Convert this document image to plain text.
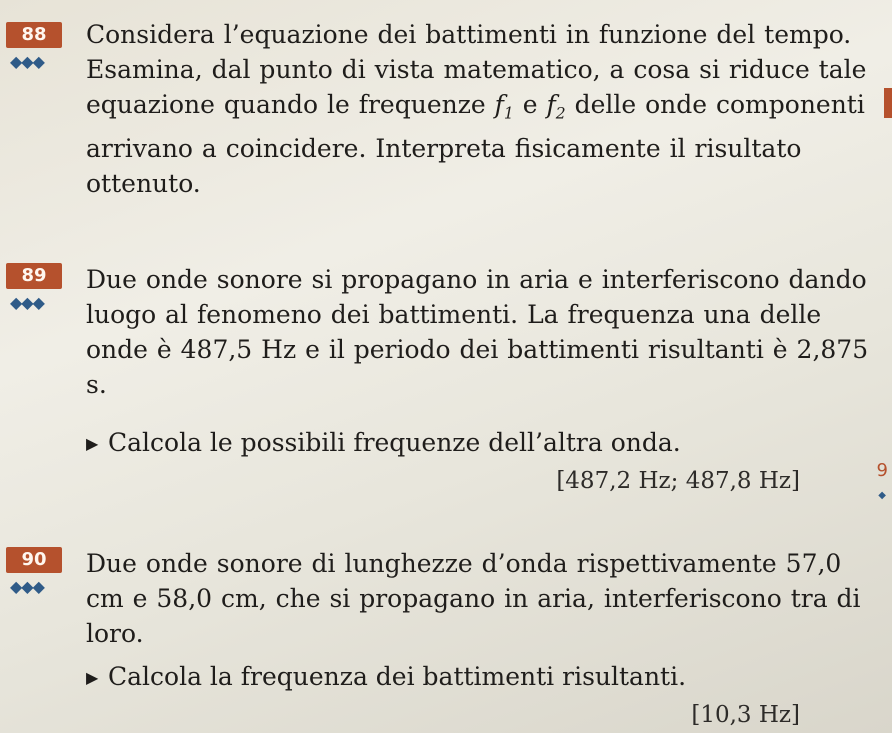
88
◆◆◆

Considera l’equazione dei battimenti in funzione del tempo. Esamina, dal punto di vista matematico, a cosa si riduce tale equazione quando le frequenze $f_1$ e $f_2$ delle onde componenti arrivano a coincidere. Interpreta fisicamente il risultato ottenuto.

89
◆◆◆

Due onde sonore si propagano in aria e interferiscono dando luogo al fenomeno dei battimenti. La frequenza una delle onde è 487,5 Hz e il periodo dei battimenti risultanti è 2,875 s.

▶ Calcola le possibili frequenze dell’altra onda.
[487,2 Hz; 487,8 Hz]
90
◆◆◆

Due onde sonore di lunghezze d’onda rispettivamente 57,0 cm e 58,0 cm, che si propagano in aria, interferiscono tra di loro.

▶ Calcola la frequenza dei battimenti risultanti.
[10,3 Hz]
9
◆
